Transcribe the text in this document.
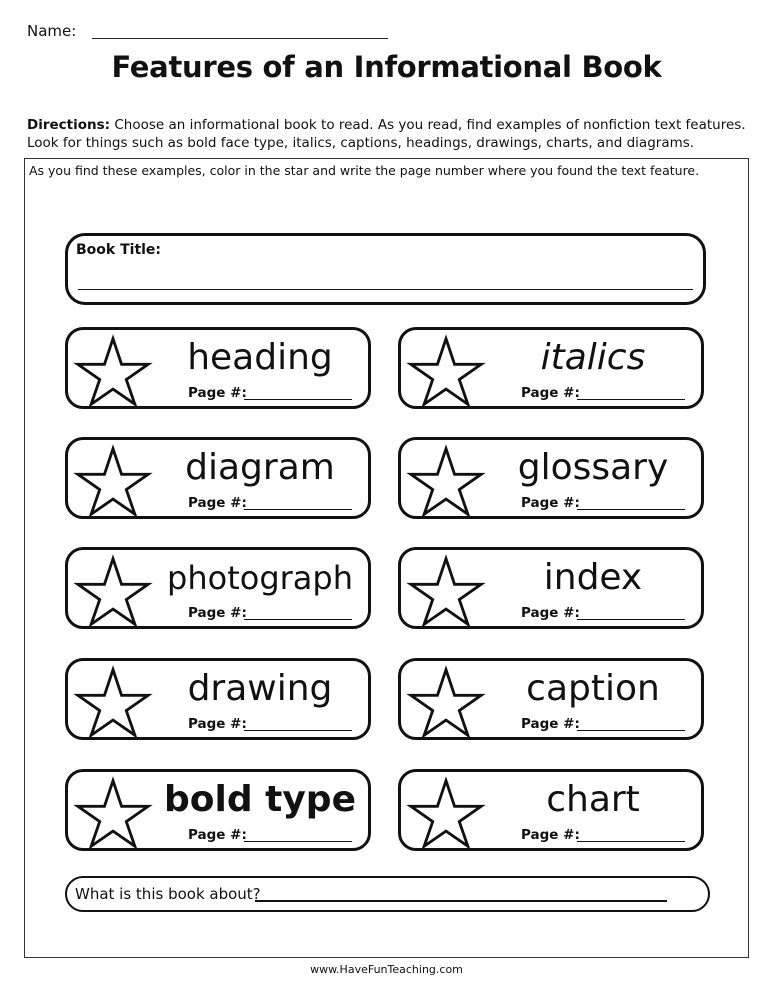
Name:
Features of an Informational Book
Directions: Choose an informational book to read. As you read, find examples of nonfiction text features. Look for things such as bold face type, italics, captions, headings, drawings, charts, and diagrams.
As you find these examples, color in the star and write the page number where you found the text feature.
Book Title:
heading
Page #:
italics
Page #:
diagram
Page #:
glossary
Page #:
photograph
Page #:
index
Page #:
drawing
Page #:
caption
Page #:
bold type
Page #:
chart
Page #:
What is this book about?
www.HaveFunTeaching.com
